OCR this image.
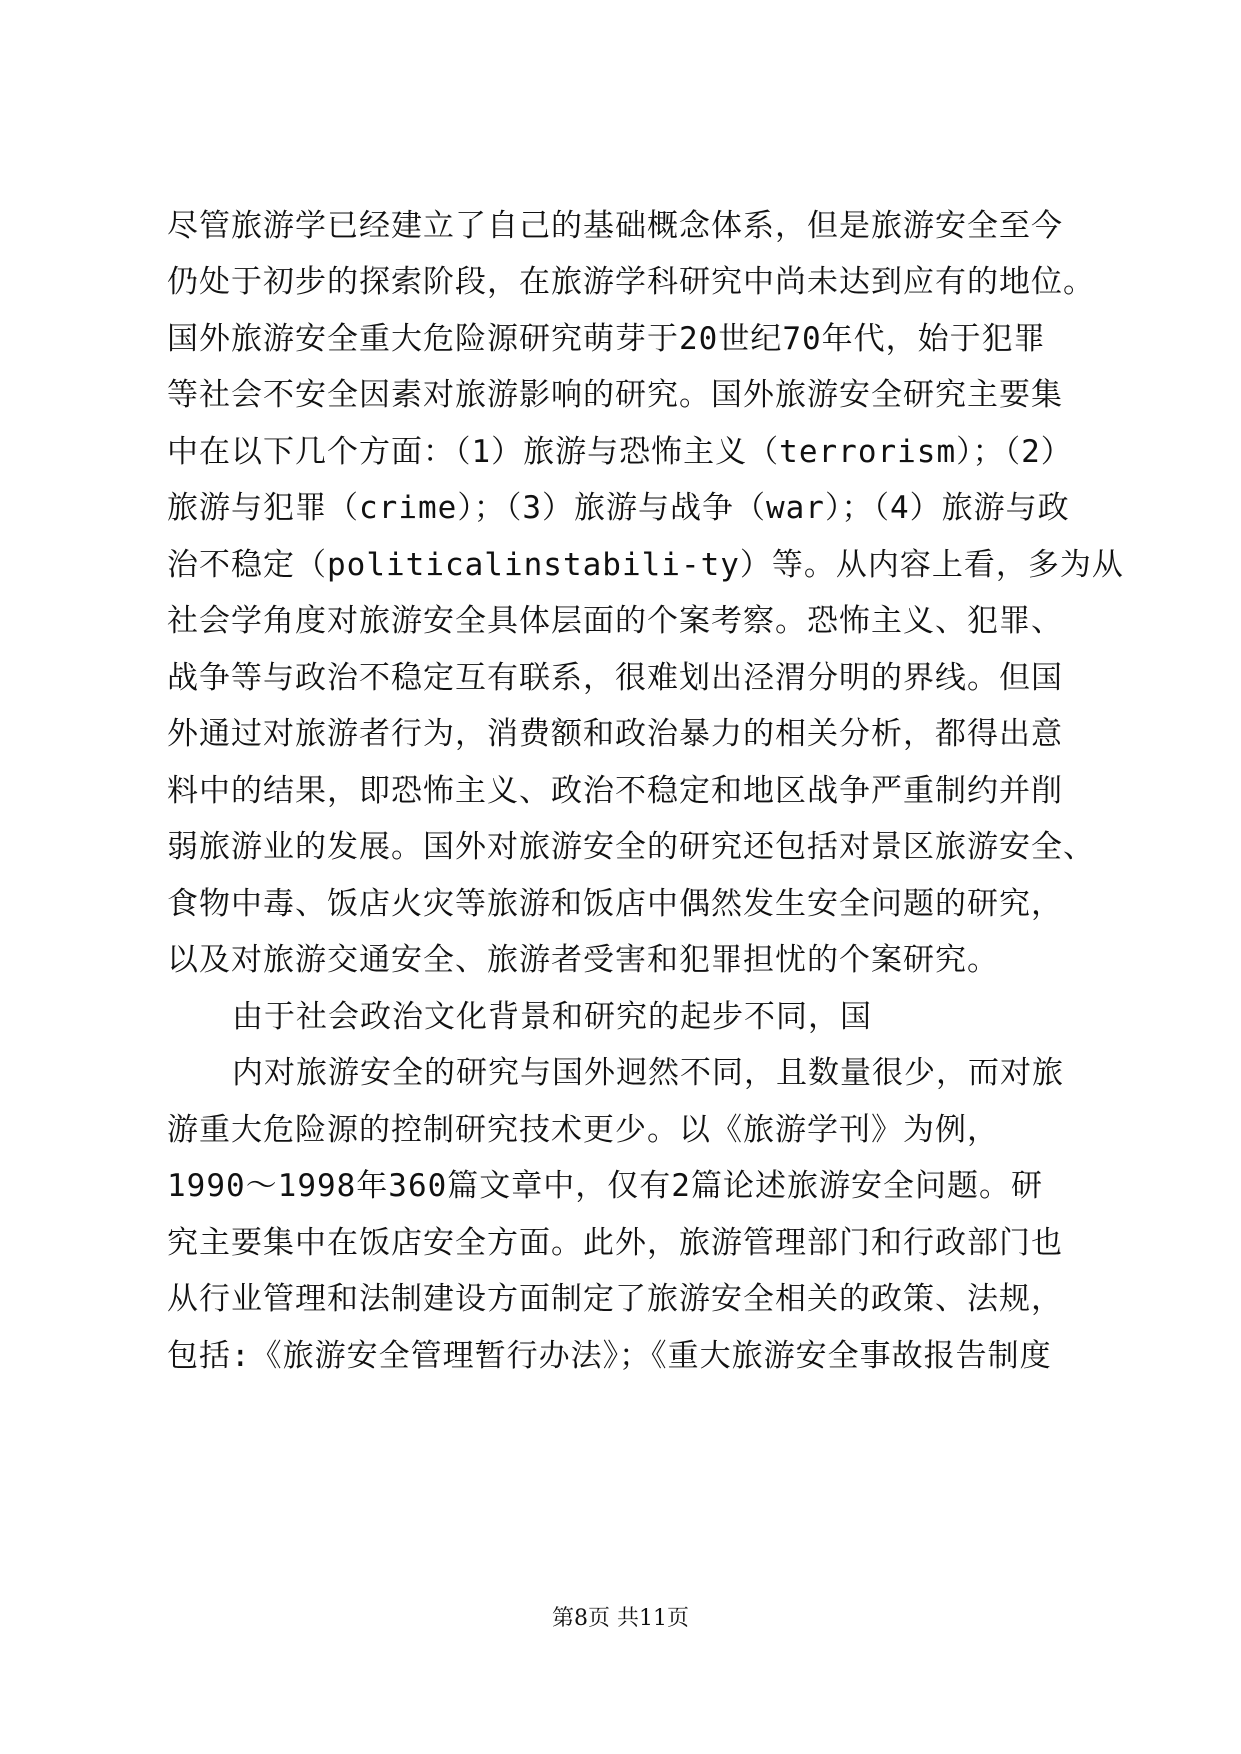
尽管旅游学已经建立了自己的基础概念体系，但是旅游安全至今
仍处于初步的探索阶段，在旅游学科研究中尚未达到应有的地位。
国外旅游安全重大危险源研究萌芽于20世纪70年代，始于犯罪
等社会不安全因素对旅游影响的研究。国外旅游安全研究主要集
中在以下几个方面：（1）旅游与恐怖主义（terrorism）；（2）
旅游与犯罪（crime）；（3）旅游与战争（war）；（4）旅游与政
治不稳定（politicalinstabili-ty）等。从内容上看，多为从
社会学角度对旅游安全具体层面的个案考察。恐怖主义、犯罪、
战争等与政治不稳定互有联系，很难划出泾渭分明的界线。但国
外通过对旅游者行为，消费额和政治暴力的相关分析，都得出意
料中的结果，即恐怖主义、政治不稳定和地区战争严重制约并削
弱旅游业的发展。国外对旅游安全的研究还包括对景区旅游安全、
食物中毒、饭店火灾等旅游和饭店中偶然发生安全问题的研究，
以及对旅游交通安全、旅游者受害和犯罪担忧的个案研究。
由于社会政治文化背景和研究的起步不同，国
内对旅游安全的研究与国外迥然不同，且数量很少，而对旅
游重大危险源的控制研究技术更少。以《旅游学刊》为例，
1990～1998年360篇文章中，仅有2篇论述旅游安全问题。研
究主要集中在饭店安全方面。此外，旅游管理部门和行政部门也
从行业管理和法制建设方面制定了旅游安全相关的政策、法规，
包括:《旅游安全管理暂行办法》；《重大旅游安全事故报告制度
第8页 共11页
